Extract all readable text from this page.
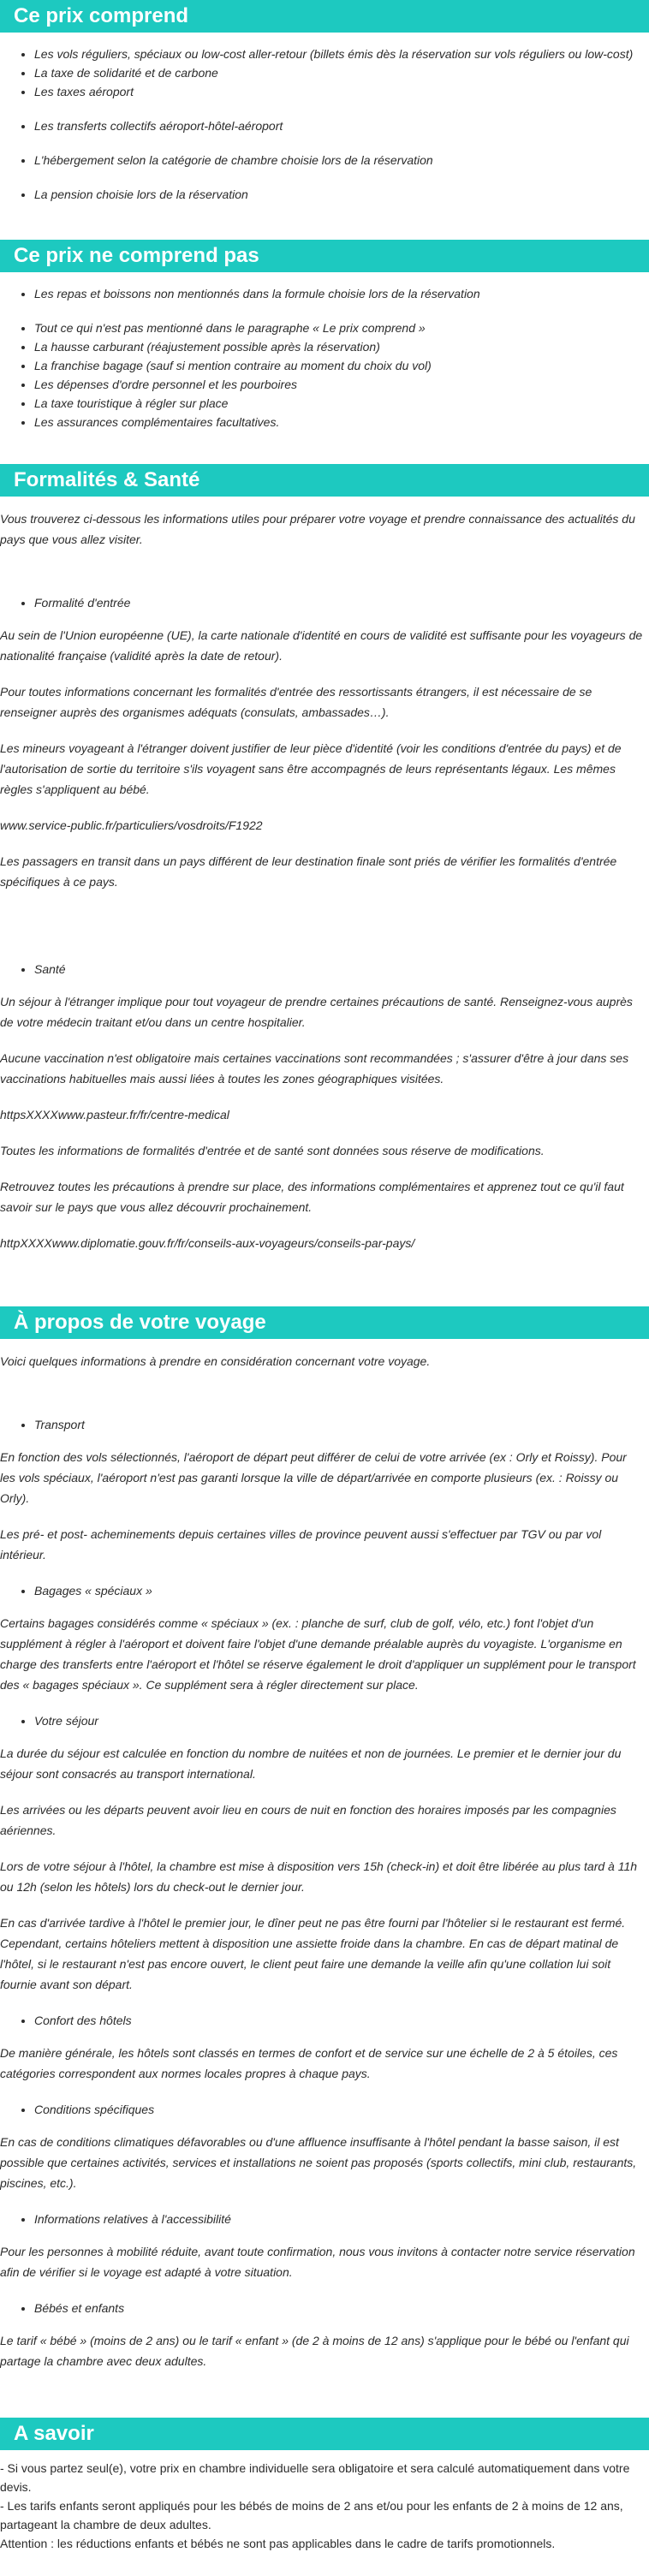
Ce prix comprend
• Les vols réguliers, spéciaux ou low-cost aller-retour (billets émis dès la réservation sur vols réguliers ou low-cost)
• La taxe de solidarité et de carbone
• Les taxes aéroport
• Les transferts collectifs aéroport-hôtel-aéroport
• L'hébergement selon la catégorie de chambre choisie lors de la réservation
• La pension choisie lors de la réservation
Ce prix ne comprend pas
• Les repas et boissons non mentionnés dans la formule choisie lors de la réservation
• Tout ce qui n'est pas mentionné dans le paragraphe « Le prix comprend »
• La hausse carburant (réajustement possible après la réservation)
• La franchise bagage (sauf si mention contraire au moment du choix du vol)
• Les dépenses d'ordre personnel et les pourboires
• La taxe touristique à régler sur place
• Les assurances complémentaires facultatives.
Formalités & Santé

Vous trouverez ci-dessous les informations utiles pour préparer votre voyage et prendre connaissance des actualités du pays que vous allez visiter.

• Formalité d'entrée

Au sein de l'Union européenne (UE), la carte nationale d'identité en cours de validité est suffisante pour les voyageurs de nationalité française (validité après la date de retour).

Pour toutes informations concernant les formalités d'entrée des ressortissants étrangers, il est nécessaire de se renseigner auprès des organismes adéquats (consulats, ambassades…).

Les mineurs voyageant à l'étranger doivent justifier de leur pièce d'identité (voir les conditions d'entrée du pays) et de l'autorisation de sortie du territoire s'ils voyagent sans être accompagnés de leurs représentants légaux. Les mêmes règles s'appliquent au bébé.

www.service-public.fr/particuliers/vosdroits/F1922

Les passagers en transit dans un pays différent de leur destination finale sont priés de vérifier les formalités d'entrée spécifiques à ce pays.

• Santé

Un séjour à l'étranger implique pour tout voyageur de prendre certaines précautions de santé. Renseignez-vous auprès de votre médecin traitant et/ou dans un centre hospitalier.

Aucune vaccination n'est obligatoire mais certaines vaccinations sont recommandées ; s'assurer d'être à jour dans ses vaccinations habituelles mais aussi liées à toutes les zones géographiques visitées.

httpsXXXXwww.pasteur.fr/fr/centre-medical

Toutes les informations de formalités d'entrée et de santé sont données sous réserve de modifications.

Retrouvez toutes les précautions à prendre sur place, des informations complémentaires et apprenez tout ce qu'il faut savoir sur le pays que vous allez découvrir prochainement.

httpXXXXwww.diplomatie.gouv.fr/fr/conseils-aux-voyageurs/conseils-par-pays/

À propos de votre voyage

Voici quelques informations à prendre en considération concernant votre voyage.

• Transport

En fonction des vols sélectionnés, l'aéroport de départ peut différer de celui de votre arrivée (ex : Orly et Roissy). Pour les vols spéciaux, l'aéroport n'est pas garanti lorsque la ville de départ/arrivée en comporte plusieurs (ex. : Roissy ou Orly).

Les pré- et post- acheminements depuis certaines villes de province peuvent aussi s'effectuer par TGV ou par vol intérieur.

• Bagages « spéciaux »

Certains bagages considérés comme « spéciaux » (ex. : planche de surf, club de golf, vélo, etc.) font l'objet d'un supplément à régler à l'aéroport et doivent faire l'objet d'une demande préalable auprès du voyagiste. L'organisme en charge des transferts entre l'aéroport et l'hôtel se réserve également le droit d'appliquer un supplément pour le transport des « bagages spéciaux ». Ce supplément sera à régler directement sur place.

• Votre séjour

La durée du séjour est calculée en fonction du nombre de nuitées et non de journées. Le premier et le dernier jour du séjour sont consacrés au transport international.

Les arrivées ou les départs peuvent avoir lieu en cours de nuit en fonction des horaires imposés par les compagnies aériennes.

Lors de votre séjour à l'hôtel, la chambre est mise à disposition vers 15h (check-in) et doit être libérée au plus tard à 11h ou 12h (selon les hôtels) lors du check-out le dernier jour.

En cas d'arrivée tardive à l'hôtel le premier jour, le dîner peut ne pas être fourni par l'hôtelier si le restaurant est fermé. Cependant, certains hôteliers mettent à disposition une assiette froide dans la chambre. En cas de départ matinal de l'hôtel, si le restaurant n'est pas encore ouvert, le client peut faire une demande la veille afin qu'une collation lui soit fournie avant son départ.

• Confort des hôtels

De manière générale, les hôtels sont classés en termes de confort et de service sur une échelle de 2 à 5 étoiles, ces catégories correspondent aux normes locales propres à chaque pays.

• Conditions spécifiques

En cas de conditions climatiques défavorables ou d'une affluence insuffisante à l'hôtel pendant la basse saison, il est possible que certaines activités, services et installations ne soient pas proposés (sports collectifs, mini club, restaurants, piscines, etc.).

• Informations relatives à l'accessibilité

Pour les personnes à mobilité réduite, avant toute confirmation, nous vous invitons à contacter notre service réservation afin de vérifier si le voyage est adapté à votre situation.

• Bébés et enfants

Le tarif « bébé » (moins de 2 ans) ou le tarif « enfant » (de 2 à moins de 12 ans) s'applique pour le bébé ou l'enfant qui partage la chambre avec deux adultes.

A savoir

- Si vous partez seul(e), votre prix en chambre individuelle sera obligatoire et sera calculé automatiquement dans votre devis.

- Les tarifs enfants seront appliqués pour les bébés de moins de 2 ans et/ou pour les enfants de 2 à moins de 12 ans, partageant la chambre de deux adultes.

Attention : les réductions enfants et bébés ne sont pas applicables dans le cadre de tarifs promotionnels.
